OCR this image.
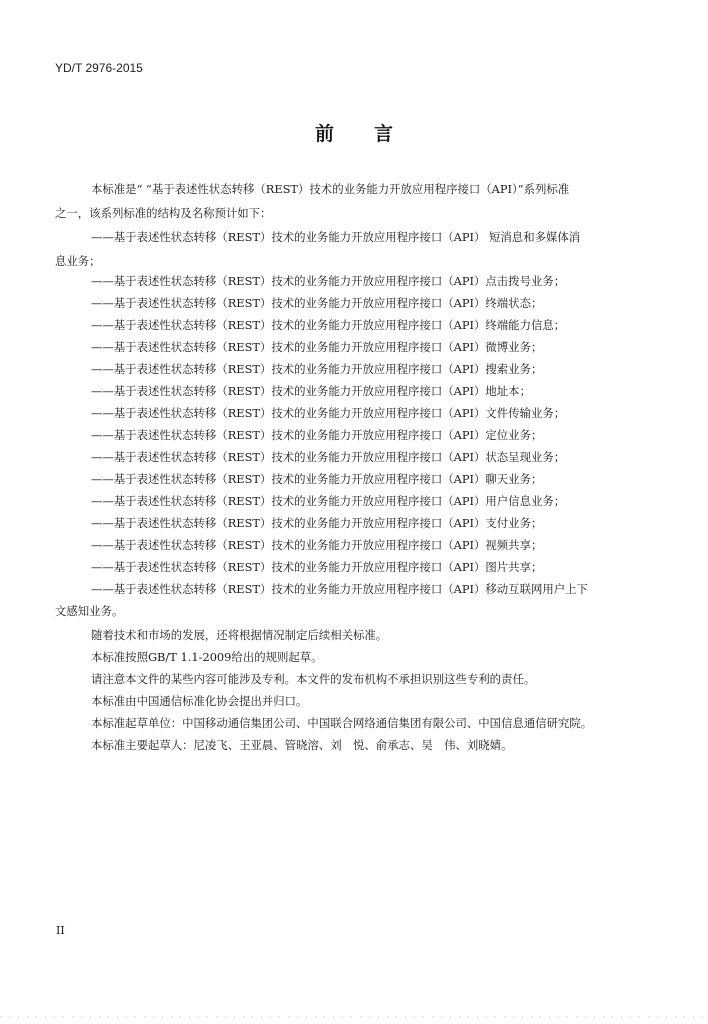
YD/T 2976-2015
前言
本标准是“ “基于表述性状态转移（REST）技术的业务能力开放应用程序接口（API）”系列标准
之一，该系列标准的结构及名称预计如下：
——基于表述性状态转移（REST）技术的业务能力开放应用程序接口（API） 短消息和多媒体消
息业务；
——基于表述性状态转移（REST）技术的业务能力开放应用程序接口（API）点击拨号业务；
——基于表述性状态转移（REST）技术的业务能力开放应用程序接口（API）终端状态；
——基于表述性状态转移（REST）技术的业务能力开放应用程序接口（API）终端能力信息；
——基于表述性状态转移（REST）技术的业务能力开放应用程序接口（API）微博业务；
——基于表述性状态转移（REST）技术的业务能力开放应用程序接口（API）搜索业务；
——基于表述性状态转移（REST）技术的业务能力开放应用程序接口（API）地址本；
——基于表述性状态转移（REST）技术的业务能力开放应用程序接口（API）文件传输业务；
——基于表述性状态转移（REST）技术的业务能力开放应用程序接口（API）定位业务；
——基于表述性状态转移（REST）技术的业务能力开放应用程序接口（API）状态呈现业务；
——基于表述性状态转移（REST）技术的业务能力开放应用程序接口（API）聊天业务；
——基于表述性状态转移（REST）技术的业务能力开放应用程序接口（API）用户信息业务；
——基于表述性状态转移（REST）技术的业务能力开放应用程序接口（API）支付业务；
——基于表述性状态转移（REST）技术的业务能力开放应用程序接口（API）视频共享；
——基于表述性状态转移（REST）技术的业务能力开放应用程序接口（API）图片共享；
——基于表述性状态转移（REST）技术的业务能力开放应用程序接口（API）移动互联网用户上下
文感知业务。
随着技术和市场的发展，还将根据情况制定后续相关标准。
本标准按照GB/T 1.1-2009给出的规则起草。
请注意本文件的某些内容可能涉及专利。本文件的发布机构不承担识别这些专利的责任。
本标准由中国通信标准化协会提出并归口。
本标准起草单位：中国移动通信集团公司、中国联合网络通信集团有限公司、中国信息通信研究院。
本标准主要起草人：尼凌飞、王亚晨、管晓溶、刘　悦、俞承志、吴　伟、刘晓婧。
II
